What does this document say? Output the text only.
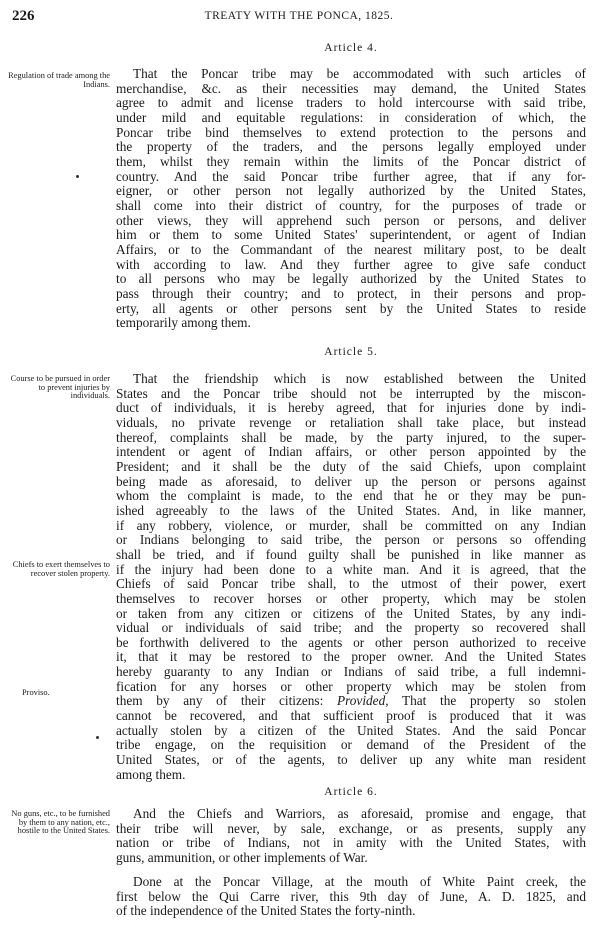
226	TREATY WITH THE PONCA, 1825.
Article 4.
Regulation of trade among the Indians.
That the Poncar tribe may be accommodated with such articles of
merchandise, &c. as their necessities may demand, the United States
agree to admit and license traders to hold intercourse with said tribe,
under mild and equitable regulations: in consideration of which, the
Poncar tribe bind themselves to extend protection to the persons and
the property of the traders, and the persons legally employed under
them, whilst they remain within the limits of the Poncar district of
country. And the said Poncar tribe further agree, that if any for-
eigner, or other person not legally authorized by the United States,
shall come into their district of country, for the purposes of trade or
other views, they will apprehend such person or persons, and deliver
him or them to some United States' superintendent, or agent of Indian
Affairs, or to the Commandant of the nearest military post, to be dealt
with according to law. And they further agree to give safe conduct
to all persons who may be legally authorized by the United States to
pass through their country; and to protect, in their persons and prop-
erty, all agents or other persons sent by the United States to reside
temporarily among them.
Article 5.
Course to be pursued in order to prevent injuries by individuals.
Chiefs to exert themselves to recover stolen property.
Proviso.
That the friendship which is now established between the United
States and the Poncar tribe should not be interrupted by the miscon-
duct of individuals, it is hereby agreed, that for injuries done by indi-
viduals, no private revenge or retaliation shall take place, but instead
thereof, complaints shall be made, by the party injured, to the super-
intendent or agent of Indian affairs, or other person appointed by the
President; and it shall be the duty of the said Chiefs, upon complaint
being made as aforesaid, to deliver up the person or persons against
whom the complaint is made, to the end that he or they may be pun-
ished agreeably to the laws of the United States. And, in like manner,
if any robbery, violence, or murder, shall be committed on any Indian
or Indians belonging to said tribe, the person or persons so offending
shall be tried, and if found guilty shall be punished in like manner as
if the injury had been done to a white man. And it is agreed, that the
Chiefs of said Poncar tribe shall, to the utmost of their power, exert
themselves to recover horses or other property, which may be stolen
or taken from any citizen or citizens of the United States, by any indi-
vidual or individuals of said tribe; and the property so recovered shall
be forthwith delivered to the agents or other person authorized to receive
it, that it may be restored to the proper owner. And the United States
hereby guaranty to any Indian or Indians of said tribe, a full indemni-
fication for any horses or other property which may be stolen from
them by any of their citizens: Provided, That the property so stolen
cannot be recovered, and that sufficient proof is produced that it was
actually stolen by a citizen of the United States. And the said Poncar
tribe engage, on the requisition or demand of the President of the
United States, or of the agents, to deliver up any white man resident
among them.
Article 6.
No guns, etc., to be furnished by them to any nation, etc., hostile to the United States.
And the Chiefs and Warriors, as aforesaid, promise and engage, that
their tribe will never, by sale, exchange, or as presents, supply any
nation or tribe of Indians, not in amity with the United States, with
guns, ammunition, or other implements of War.
Done at the Poncar Village, at the mouth of White Paint creek, the
first below the Qui Carre river, this 9th day of June, A. D. 1825, and
of the independence of the United States the forty-ninth.
